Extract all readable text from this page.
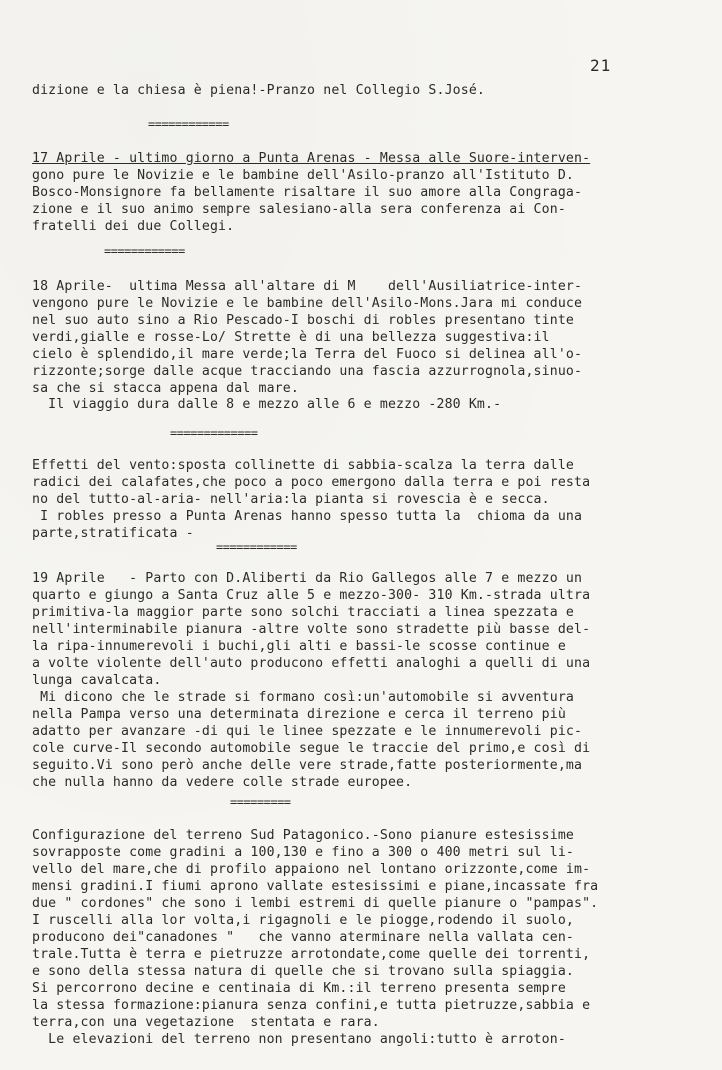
21
dizione e la chiesa è piena!-Pranzo nel Collegio S.José.
============
17 Aprile - ultimo giorno a Punta Arenas - Messa alle Suore-interven-
gono pure le Novizie e le bambine dell'Asilo-pranzo all'Istituto D.
Bosco-Monsignore fa bellamente risaltare il suo amore alla Congraga-
zione e il suo animo sempre salesiano-alla sera conferenza ai Con-
fratelli dei due Collegi.
============
18 Aprile-  ultima Messa all'altare di M    dell'Ausiliatrice-inter-
vengono pure le Novizie e le bambine dell'Asilo-Mons.Jara mi conduce
nel suo auto sino a Rio Pescado-I boschi di robles presentano tinte
verdi,gialle e rosse-Lo/ Strette è di una bellezza suggestiva:il
cielo è splendido,il mare verde;la Terra del Fuoco si delinea all'o-
rizzonte;sorge dalle acque tracciando una fascia azzurrognola,sinuo-
sa che si stacca appena dal mare.
Il viaggio dura dalle 8 e mezzo alle 6 e mezzo -280 Km.-
=============
Effetti del vento:sposta collinette di sabbia-scalza la terra dalle
radici dei calafates,che poco a poco emergono dalla terra e poi resta
no del tutto-al-aria- nell'aria:la pianta si rovescia è e secca.
I robles presso a Punta Arenas hanno spesso tutta la  chioma da una
parte,stratificata -
============
19 Aprile   - Parto con D.Aliberti da Rio Gallegos alle 7 e mezzo un
quarto e giungo a Santa Cruz alle 5 e mezzo-300- 310 Km.-strada ultra
primitiva-la maggior parte sono solchi tracciati a linea spezzata e
nell'interminabile pianura -altre volte sono stradette più basse del-
la ripa-innumerevoli i buchi,gli alti e bassi-le scosse continue e
a volte violente dell'auto producono effetti analoghi a quelli di una
lunga cavalcata.
Mi dicono che le strade si formano così:un'automobile si avventura
nella Pampa verso una determinata direzione e cerca il terreno più
adatto per avanzare -di qui le linee spezzate e le innumerevoli pic-
cole curve-Il secondo automobile segue le traccie del primo,e così di
seguito.Vi sono però anche delle vere strade,fatte posteriormente,ma
che nulla hanno da vedere colle strade europee.
=========
Configurazione del terreno Sud Patagonico.-Sono pianure estesissime
sovrapposte come gradini a 100,130 e fino a 300 o 400 metri sul li-
vello del mare,che di profilo appaiono nel lontano orizzonte,come im-
mensi gradini.I fiumi aprono vallate estesissimi e piane,incassate fra
due " cordones" che sono i lembi estremi di quelle pianure o "pampas".
I ruscelli alla lor volta,i rigagnoli e le piogge,rodendo il suolo,
producono dei"canadones "   che vanno aterminare nella vallata cen-
trale.Tutta è terra e pietruzze arrotondate,come quelle dei torrenti,
e sono della stessa natura di quelle che si trovano sulla spiaggia.
Si percorrono decine e centinaia di Km.:il terreno presenta sempre
la stessa formazione:pianura senza confini,e tutta pietruzze,sabbia e
terra,con una vegetazione  stentata e rara.
Le elevazioni del terreno non presentano angoli:tutto è arroton-
